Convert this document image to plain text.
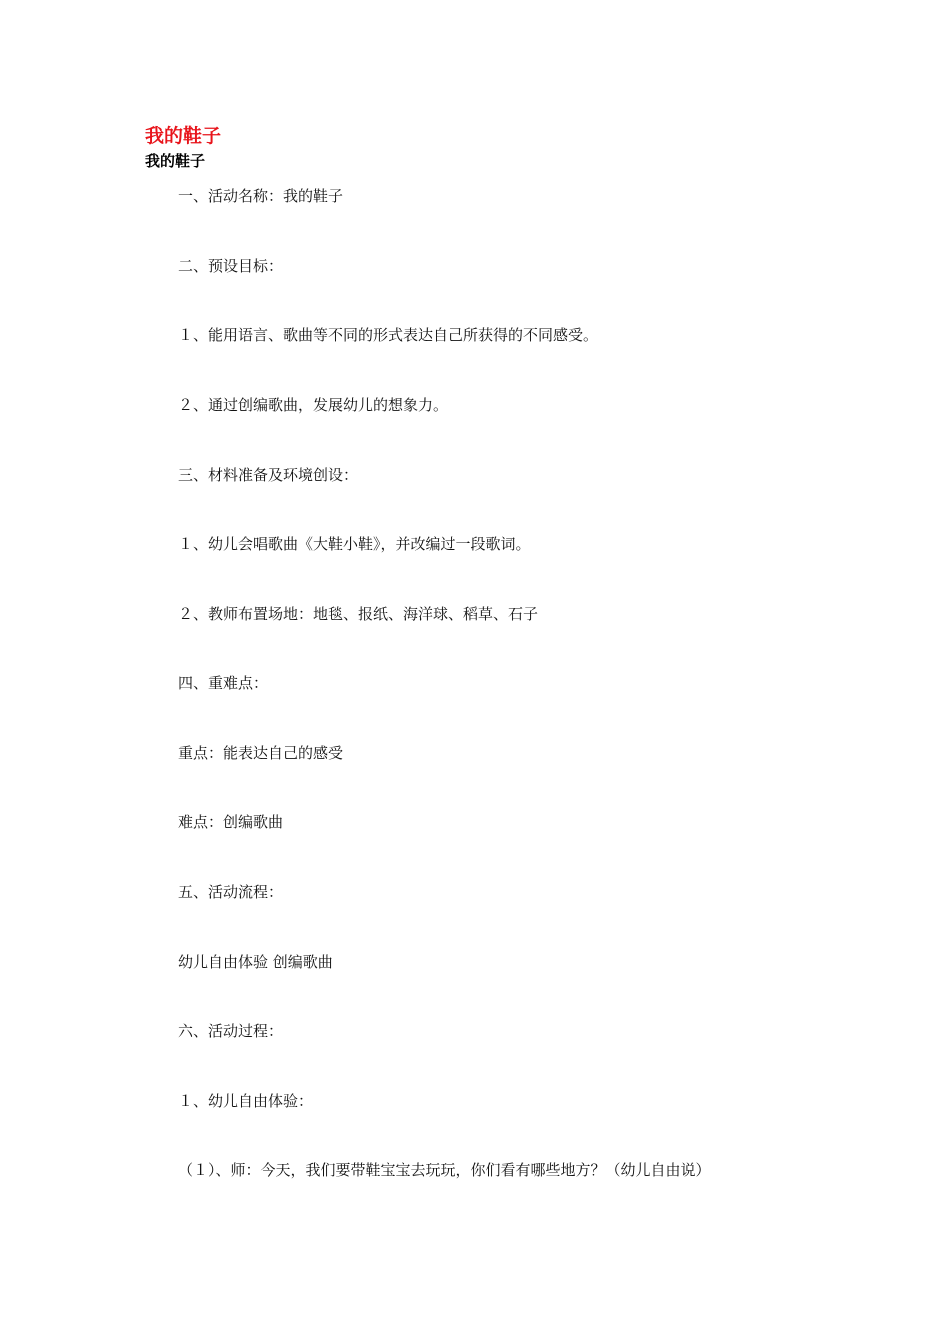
我的鞋子
我的鞋子
一、活动名称：我的鞋子
二、预设目标：
１、能用语言、歌曲等不同的形式表达自己所获得的不同感受。
２、通过创编歌曲，发展幼儿的想象力。
三、材料准备及环境创设：
１、幼儿会唱歌曲《大鞋小鞋》，并改编过一段歌词。
２、教师布置场地：地毯、报纸、海洋球、稻草、石子
四、重难点：
重点：能表达自己的感受
难点：创编歌曲
五、活动流程：
幼儿自由体验 创编歌曲
六、活动过程：
１、幼儿自由体验：
（１）、师：今天，我们要带鞋宝宝去玩玩，你们看有哪些地方？（幼儿自由说）
